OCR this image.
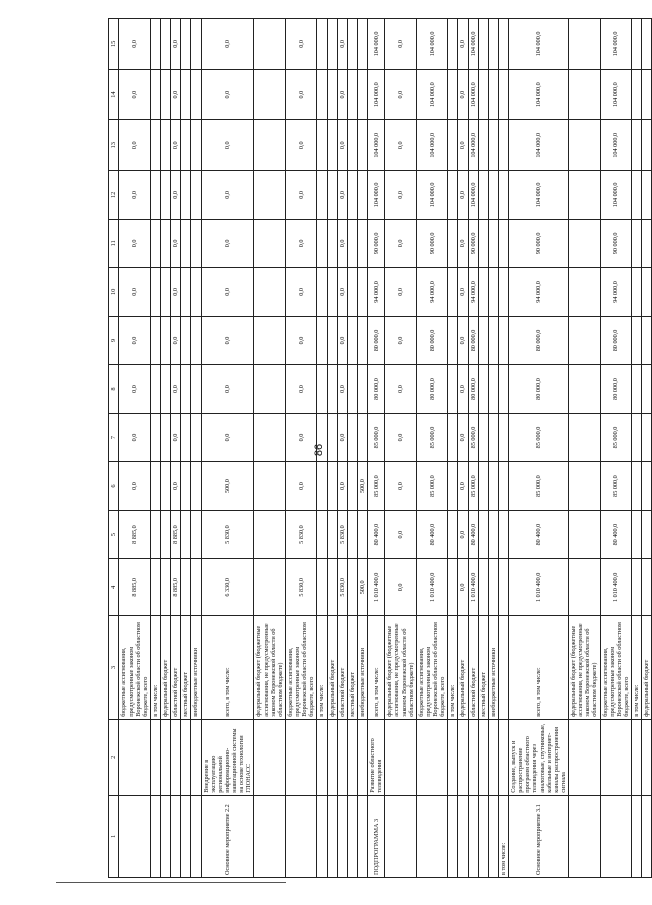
86
1	2	3	4	5	6	7	8	9	10	11	12	13	14	15
		бюджетные ассигнования, предусмотренные законом Воронежской области об областном бюджете, всего	8 885,0	8 885,0	0,0	0,0	0,0	0,0	0,0	0,0	0,0	0,0	0,0	0,0
		в том числе:												
		федеральный бюджет												
		областной бюджет	8 885,0	8 885,0	0,0	0,0	0,0	0,0	0,0	0,0	0,0	0,0	0,0	0,0
		местный бюджет												
		внебюджетные источники												
Основное мероприятие 2.2	Внедрение в эксплуатацию региональной информационно-навигационной системы на основе технологии ГЛОНАСС	всего, в том числе:	6 330,0	5 830,0	500,0	0,0	0,0	0,0	0,0	0,0	0,0	0,0	0,0	0,0
		федеральный бюджет (бюджетные ассигнования, не предусмотренные законом Воронежской области об областном бюджете)												
		бюджетные ассигнования, предусмотренные законом Воронежской области об областном бюджете, всего	5 830,0	5 830,0	0,0	0,0	0,0	0,0	0,0	0,0	0,0	0,0	0,0	0,0
		в том числе:												
		федеральный бюджет												
		областной бюджет	5 830,0	5 830,0	0,0	0,0	0,0	0,0	0,0	0,0	0,0	0,0	0,0	0,0
		местный бюджет												
		внебюджетные источники	500,0		500,0									
ПОДПРОГРАММА 3	Развитие областного телевидения	всего, в том числе:	1 010 400,0	80 400,0	85 000,0	85 000,0	80 000,0	80 000,0	94 000,0	90 000,0	104 000,0	104 000,0	104 000,0	104 000,0
		федеральный бюджет (бюджетные ассигнования, не предусмотренные законом Воронежской области об областном бюджете)	0,0	0,0	0,0	0,0	0,0	0,0	0,0	0,0	0,0	0,0	0,0	0,0
		бюджетные ассигнования, предусмотренные законом Воронежской области об областном бюджете, всего	1 010 400,0	80 400,0	85 000,0	85 000,0	80 000,0	80 000,0	94 000,0	90 000,0	104 000,0	104 000,0	104 000,0	104 000,0
		в том числе:												
		федеральный бюджет	0,0	0,0	0,0	0,0	0,0	0,0	0,0	0,0	0,0	0,0	0,0	0,0
		областной бюджет	1 010 400,0	80 400,0	85 000,0	85 000,0	80 000,0	80 000,0	94 000,0	90 000,0	104 000,0	104 000,0	104 000,0	104 000,0
		местный бюджет												
		внебюджетные источники												
в том числе:														
Основное мероприятие 3.1	Создание, выпуск и распространение программ областного телевидения через аналоговые, спутниковые, кабельные и интернет-каналы распространения сигнала	всего, в том числе:	1 010 400,0	80 400,0	85 000,0	85 000,0	80 000,0	80 000,0	94 000,0	90 000,0	104 000,0	104 000,0	104 000,0	104 000,0
		федеральный бюджет (бюджетные ассигнования, не предусмотренные законом Воронежской области об областном бюджете)												
		бюджетные ассигнования, предусмотренные законом Воронежской области об областном бюджете, всего	1 010 400,0	80 400,0	85 000,0	85 000,0	80 000,0	80 000,0	94 000,0	90 000,0	104 000,0	104 000,0	104 000,0	104 000,0
		в том числе:												
		федеральный бюджет												
